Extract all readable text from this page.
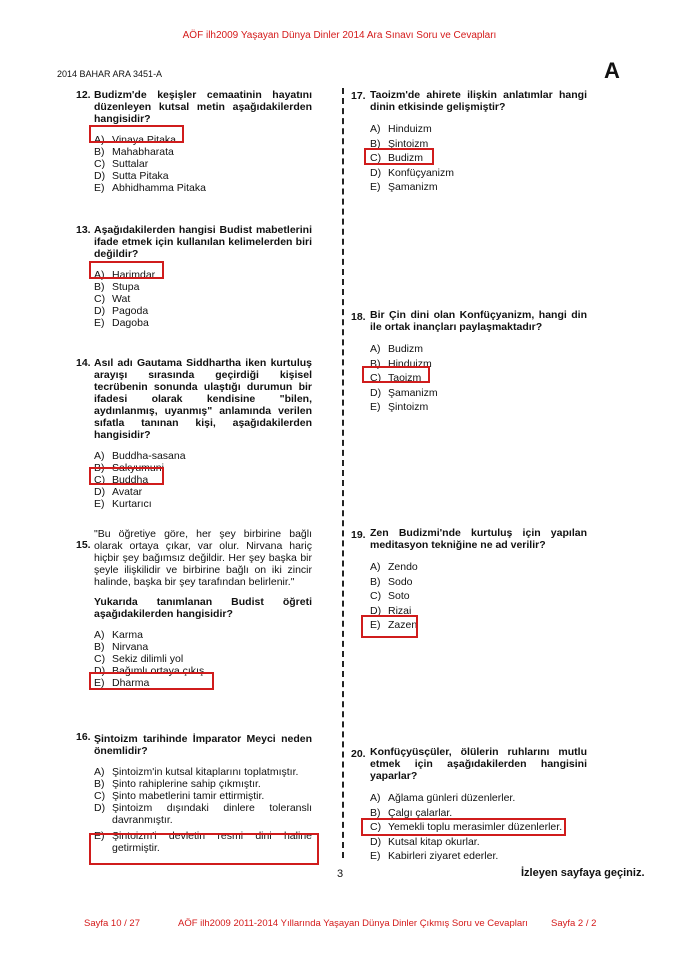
AÖF ilh2009 Yaşayan Dünya Dinler 2014 Ara Sınavı Soru ve Cevapları
2014 BAHAR ARA 3451-A	A
12. Budizm'de keşişler cemaatinin hayatını düzenleyen kutsal metin aşağıdakilerden hangisidir?
A) Vinaya Pitaka
B) Mahabharata
C) Suttalar
D) Sutta Pitaka
E) Abhidhamma Pitaka
13. Aşağıdakilerden hangisi Budist mabetlerini ifade etmek için kullanılan kelimelerden biri değildir?
A) Harimdar
B) Stupa
C) Wat
D) Pagoda
E) Dagoba
14. Asıl adı Gautama Siddhartha iken kurtuluş arayışı sırasında geçirdiği kişisel tecrübenin sonunda ulaştığı durumun bir ifadesi olarak kendisine "bilen, aydınlanmış, uyanmış" anlamında verilen sıfatla tanınan kişi, aşağıdakilerden hangisidir?
A) Buddha-sasana
B) Sakyumuni
C) Buddha
D) Avatar
E) Kurtarıcı
15.
"Bu öğretiye göre, her şey birbirine bağlı olarak ortaya çıkar, var olur. Nirvana hariç hiçbir şey bağımsız değildir. Her şey başka bir şeyle ilişkilidir ve birbirine bağlı on iki zincir halinde, başka bir şey tarafından belirlenir."
Yukarıda tanımlanan Budist öğreti aşağıdakilerden hangisidir?
A) Karma
B) Nirvana
C) Sekiz dilimli yol
D) Bağımlı ortaya çıkış
E) Dharma
16. Şintoizm tarihinde İmparator Meyci neden önemlidir?
A) Şintoizm'in kutsal kitaplarını toplatmıştır.
B) Şinto rahiplerine sahip çıkmıştır.
C) Şinto mabetlerini tamir ettirmiştir.
D) Şintoizm dışındaki dinlere toleranslı davranmıştır.
E) Şintoizm'i devletin resmi dini haline getirmiştir.
17. Taoizm'de ahirete ilişkin anlatımlar hangi dinin etkisinde gelişmiştir?
A) Hinduizm
B) Şintoizm
C) Budizm
D) Konfüçyanizm
E) Şamanizm
18. Bir Çin dini olan Konfüçyanizm, hangi din ile ortak inançları paylaşmaktadır?
A) Budizm
B) Hinduizm
C) Taoizm
D) Şamanizm
E) Şintoizm
19. Zen Budizmi'nde kurtuluş için yapılan meditasyon tekniğine ne ad verilir?
A) Zendo
B) Sodo
C) Soto
D) Rizai
E) Zazen
20. Konfüçyüsçüler, ölülerin ruhlarını mutlu etmek için aşağıdakilerden hangisini yaparlar?
A) Ağlama günleri düzenlerler.
B) Çalgı çalarlar.
C) Yemekli toplu merasimler düzenlerler.
D) Kutsal kitap okurlar.
E) Kabirleri ziyaret ederler.
3	İzleyen sayfaya geçiniz.
Sayfa 10 / 27	AÖF ilh2009 2011-2014 Yıllarında Yaşayan Dünya Dinler Çıkmış Soru ve Cevapları Sayfa 2 / 2
